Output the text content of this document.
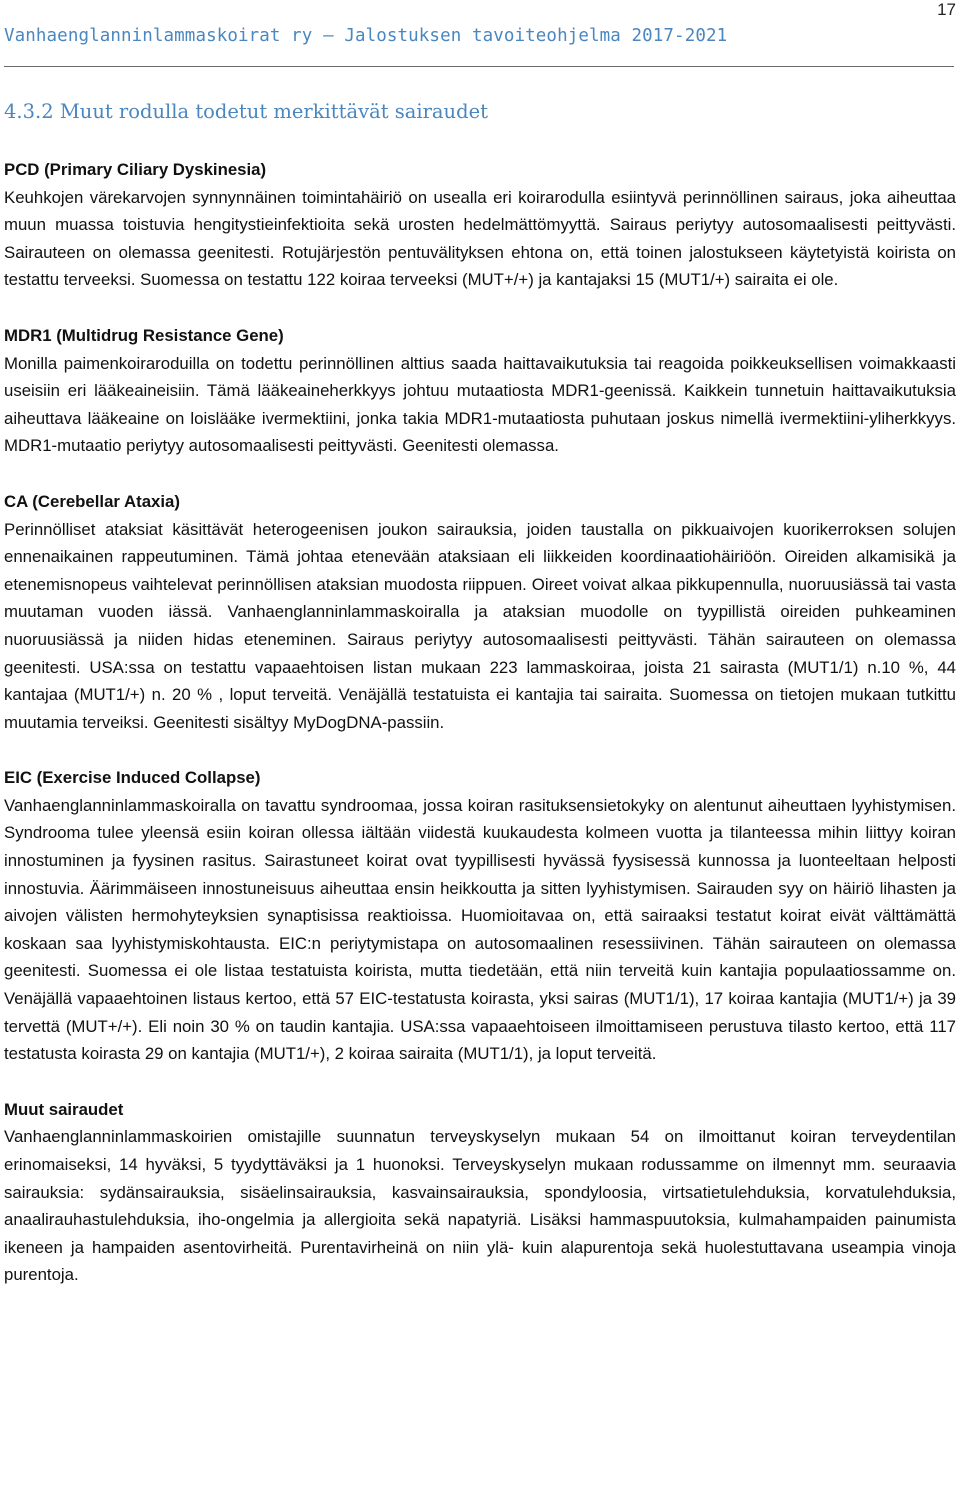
17
Vanhaenglanninlammaskoirat ry – Jalostuksen tavoiteohjelma 2017-2021
4.3.2 Muut rodulla todetut merkittävät sairaudet

PCD (Primary Ciliary Dyskinesia)

Keuhkojen värekarvojen synnynnäinen toimintahäiriö on usealla eri koirarodulla esiintyvä perinnöllinen sairaus, joka aiheuttaa muun muassa toistuvia hengitystieinfektioita sekä urosten hedelmättömyyttä. Sairaus periytyy autosomaalisesti peittyvästi. Sairauteen on olemassa geenitesti. Rotujärjestön pentuvälityksen ehtona on, että toinen jalostukseen käytetyistä koirista on testattu terveeksi. Suomessa on testattu 122 koiraa terveeksi (MUT+/+) ja kantajaksi 15 (MUT1/+) sairaita ei ole.

MDR1 (Multidrug Resistance Gene)

Monilla paimenkoiraroduilla on todettu perinnöllinen alttius saada haittavaikutuksia tai reagoida poikkeuksellisen voimakkaasti useisiin eri lääkeaineisiin. Tämä lääkeaineherkkyys johtuu mutaatiosta MDR1-geenissä. Kaikkein tunnetuin haittavaikutuksia aiheuttava lääkeaine on loislääke ivermektiini, jonka takia MDR1-mutaatiosta puhutaan joskus nimellä ivermektiini-yliherkkyys. MDR1-mutaatio periytyy autosomaalisesti peittyvästi. Geenitesti olemassa.

CA (Cerebellar Ataxia)

Perinnölliset ataksiat käsittävät heterogeenisen joukon sairauksia, joiden taustalla on pikkuaivojen kuorikerroksen solujen ennenaikainen rappeutuminen. Tämä johtaa etenevään ataksiaan eli liikkeiden koordinaatiohäiriöön. Oireiden alkamisikä ja etenemisnopeus vaihtelevat perinnöllisen ataksian muodosta riippuen. Oireet voivat alkaa pikkupennulla, nuoruusiässä tai vasta muutaman vuoden iässä. Vanhaenglanninlammaskoiralla ja ataksian muodolle on tyypillistä oireiden puhkeaminen nuoruusiässä ja niiden hidas eteneminen. Sairaus periytyy autosomaalisesti peittyvästi. Tähän sairauteen on olemassa geenitesti. USA:ssa on testattu vapaaehtoisen listan mukaan 223 lammaskoiraa, joista 21 sairasta (MUT1/1) n.10 %, 44 kantajaa (MUT1/+) n. 20 % , loput terveitä. Venäjällä testatuista ei kantajia tai sairaita. Suomessa on tietojen mukaan tutkittu muutamia terveiksi. Geenitesti sisältyy MyDogDNA-passiin.

EIC (Exercise Induced Collapse)

Vanhaenglanninlammaskoiralla on tavattu syndroomaa, jossa koiran rasituksensietokyky on alentunut aiheuttaen lyyhistymisen. Syndrooma tulee yleensä esiin koiran ollessa iältään viidestä kuukaudesta kolmeen vuotta ja tilanteessa mihin liittyy koiran innostuminen ja fyysinen rasitus. Sairastuneet koirat ovat tyypillisesti hyvässä fyysisessä kunnossa ja luonteeltaan helposti innostuvia. Äärimmäiseen innostuneisuus aiheuttaa ensin heikkoutta ja sitten lyyhistymisen. Sairauden syy on häiriö lihasten ja aivojen välisten hermohyteyksien synaptisissa reaktioissa. Huomioitavaa on, että sairaaksi testatut koirat eivät välttämättä koskaan saa lyyhistymiskohtausta. EIC:n periytymistapa on autosomaalinen resessiivinen. Tähän sairauteen on olemassa geenitesti. Suomessa ei ole listaa testatuista koirista, mutta tiedetään, että niin terveitä kuin kantajia populaatiossamme on. Venäjällä vapaaehtoinen listaus kertoo, että 57 EIC-testatusta koirasta, yksi sairas (MUT1/1), 17 koiraa kantajia (MUT1/+) ja 39 tervettä (MUT+/+). Eli noin 30 % on taudin kantajia. USA:ssa vapaaehtoiseen ilmoittamiseen perustuva tilasto kertoo, että 117 testatusta koirasta 29 on kantajia (MUT1/+), 2 koiraa sairaita (MUT1/1), ja loput terveitä.

Muut sairaudet

Vanhaenglanninlammaskoirien omistajille suunnatun terveyskyselyn mukaan 54 on ilmoittanut koiran terveydentilan erinomaiseksi, 14 hyväksi, 5 tyydyttäväksi ja 1 huonoksi. Terveyskyselyn mukaan rodussamme on ilmennyt mm. seuraavia sairauksia: sydänsairauksia, sisäelinsairauksia, kasvainsairauksia, spondyloosia, virtsatietulehduksia, korvatulehduksia, anaalirauhastulehduksia, iho-ongelmia ja allergioita sekä napatyriä. Lisäksi hammaspuutoksia, kulmahampaiden painumista ikeneen ja hampaiden asentovirheitä. Purentavirheinä on niin ylä- kuin alapurentoja sekä huolestuttavana useampia vinoja purentoja.
